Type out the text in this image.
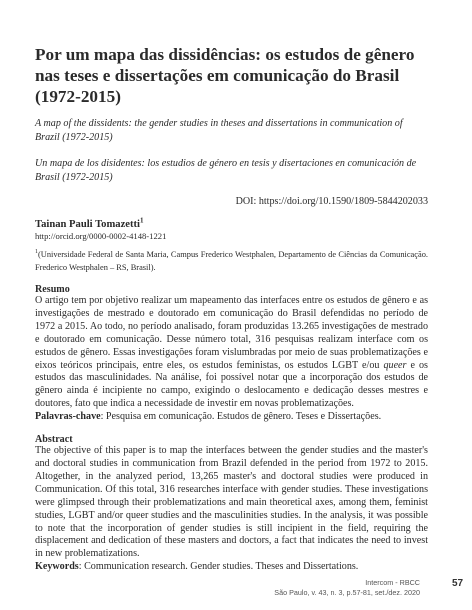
Por um mapa das dissidências: os estudos de gênero nas teses e dissertações em comunicação do Brasil (1972-2015)

A map of the dissidents: the gender studies in theses and dissertations in communication of Brazil (1972-2015)

Un mapa de los disidentes: los estudios de género en tesis y disertaciones en comunicación de Brasil (1972-2015)

DOI: https://doi.org/10.1590/1809-5844202033
Tainan Pauli Tomazetti$^1$
http://orcid.org/0000-0002-4148-1221
$^1$(Universidade Federal de Santa Maria, Campus Frederico Westphalen, Departamento de Ciências da Comunicação. Frederico Westphalen – RS, Brasil).
Resumo

O artigo tem por objetivo realizar um mapeamento das interfaces entre os estudos de gênero e as investigações de mestrado e doutorado em comunicação do Brasil defendidas no período de 1972 a 2015. Ao todo, no período analisado, foram produzidas 13.265 investigações de mestrado e doutorado em comunicação. Desse número total, 316 pesquisas realizam interface com os estudos de gênero. Essas investigações foram vislumbradas por meio de suas problematizações e eixos teóricos principais, entre eles, os estudos feministas, os estudos LGBT e/ou queer e os estudos das masculinidades. Na análise, foi possível notar que a incorporação dos estudos de gênero ainda é incipiente no campo, exigindo o deslocamento e dedicação desses mestres e doutores, fato que indica a necessidade de investir em novas problematizações.

Palavras-chave: Pesquisa em comunicação. Estudos de gênero. Teses e Dissertações.

Abstract

The objective of this paper is to map the interfaces between the gender studies and the master's and doctoral studies in communication from Brazil defended in the period from 1972 to 2015. Altogether, in the analyzed period, 13,265 master's and doctoral studies were produced in Communication. Of this total, 316 researches interface with gender studies. These investigations were glimpsed through their problematizations and main theoretical axes, among them, feminist studies, LGBT and/or queer studies and the masculinities studies. In the analysis, it was possible to note that the incorporation of gender studies is still incipient in the field, requiring the displacement and dedication of these masters and doctors, a fact that indicates the need to invest in new problematizations.

Keywords: Communication research. Gender studies. Theses and Dissertations.

Intercom - RBCC
São Paulo, v. 43, n. 3, p.57-81, set./dez. 2020
57
